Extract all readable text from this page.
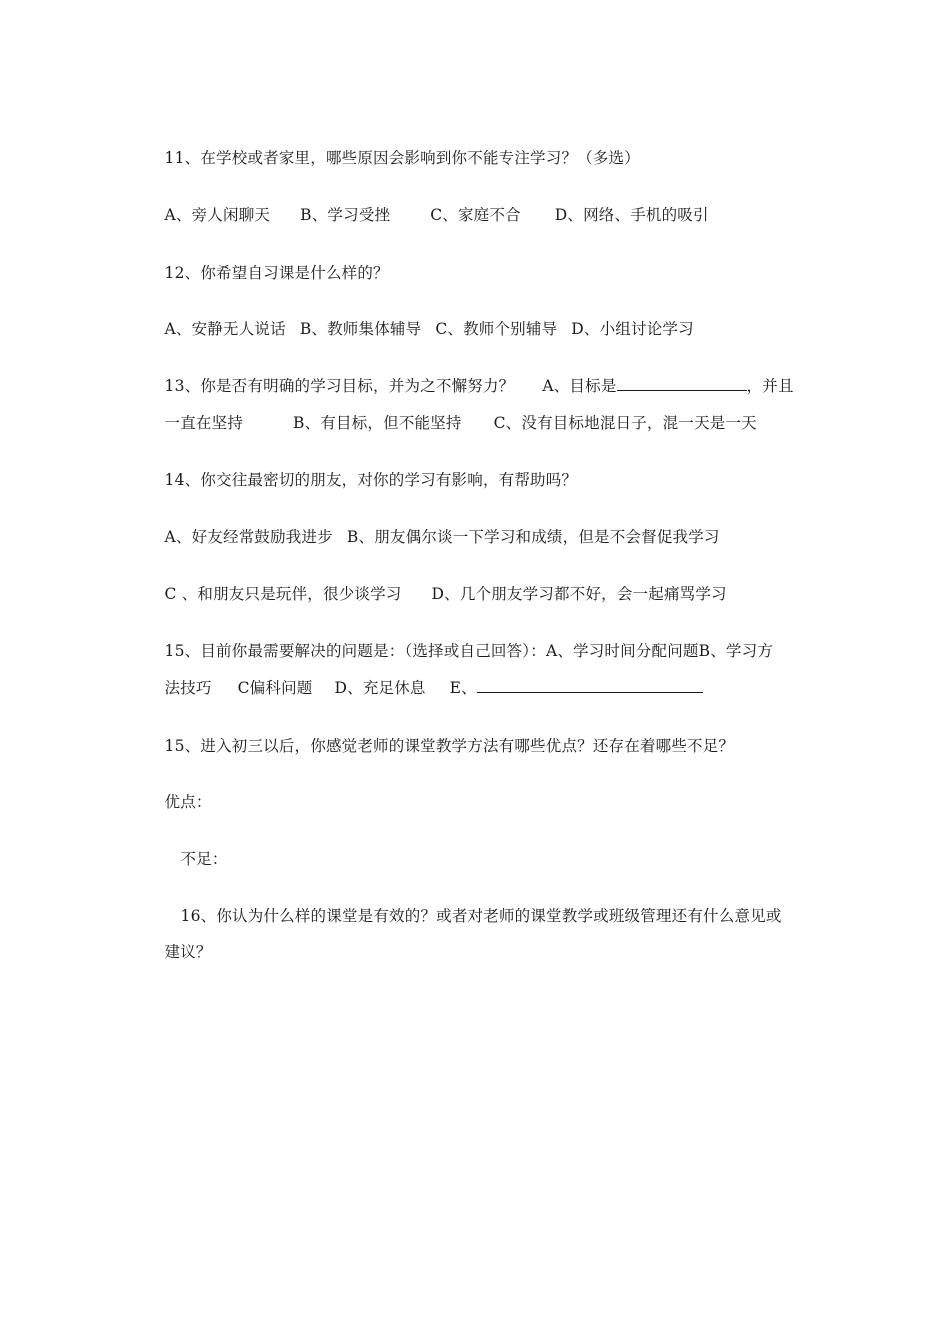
11、在学校或者家里，哪些原因会影响到你不能专注学习？（多选）

A、旁人闲聊天 B、学习受挫	C、家庭不合 D、网络、手机的吸引

12、你希望自习课是什么样的？

A、安静无人说话 B、教师集体辅导 C、教师个别辅导 D、小组讨论学习

13、你是否有明确的学习目标，并为之不懈努力？ A、目标是	，并且

一直在坚持	B、有目标，但不能坚持 C、没有目标地混日子，混一天是一天

14、你交往最密切的朋友，对你的学习有影响，有帮助吗？

A、好友经常鼓励我进步 B、朋友偶尔谈一下学习和成绩，但是不会督促我学习

C 、和朋友只是玩伴，很少谈学习 D、几个朋友学习都不好，会一起痛骂学习

15、目前你最需要解决的问题是：（选择或自己回答）：A、学习时间分配问题B、学习方

法技巧 C偏科问题 D、充足休息 E、

15、进入初三以后，你感觉老师的课堂教学方法有哪些优点？还存在着哪些不足？

优点：

不足：

16、你认为什么样的课堂是有效的？或者对老师的课堂教学或班级管理还有什么意见或

建议？
